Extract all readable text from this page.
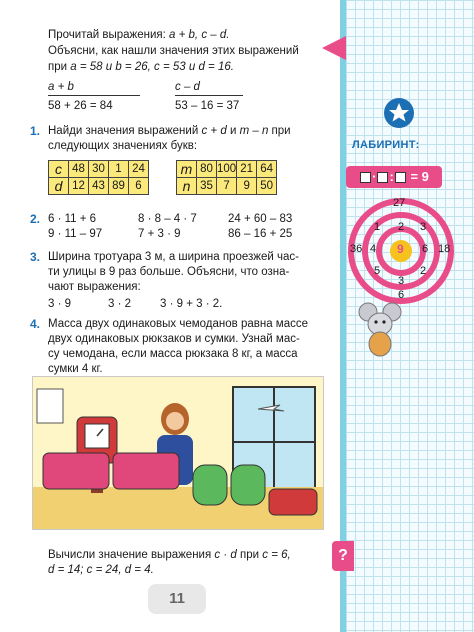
Прочитай выражения: a + b, c – d.
Объясни, как нашли значения этих выражений
при a = 58 и b = 26, c = 53 и d = 16.
a + b
58 + 26 = 84
c – d
53 – 16 = 37
1. Найди значения выражений c + d и m – n при
следующих значениях букв:
c	48	30	1	24
d	12	43	89	6
m	80	100	21	64
n	35	7	9	50
2. 6 · 11 + 6	8 · 8 – 4 · 7	24 + 60 – 83
9 · 11 – 97	7 + 3 · 9	86 – 16 + 25
3. Ширина тротуара 3 м, а ширина проезжей час-
ти улицы в 9 раз больше. Объясни, что озна-
чают выражения:
3 · 9	3 · 2	3 · 9 + 3 · 2.
4. Масса двух одинаковых чемоданов равна массе
двух одинаковых рюкзаков и сумки. Узнай мас-
су чемодана, если масса рюкзака 8 кг, а масса
сумки 4 кг.
Вычисли значение выражения c · d при c = 6,
d = 14; c = 24, d = 4.
11
ЛАБИРИНТ:
· : = 9
27
1 2 3
36 4 9 6 18
5	2
3
6
?
